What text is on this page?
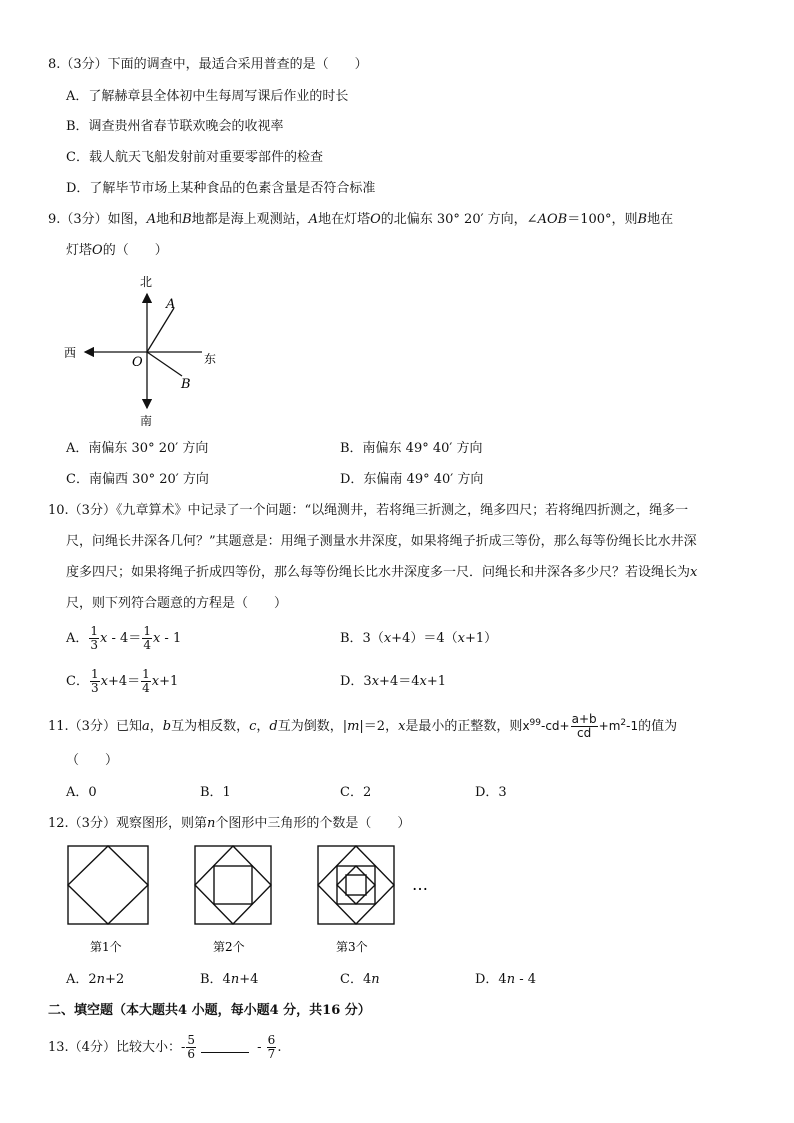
8.（3分）下面的调查中，最适合采用普查的是（　　）
A．了解赫章县全体初中生每周写课后作业的时长
B．调查贵州省春节联欢晚会的收视率
C．载人航天飞船发射前对重要零部件的检查
D．了解毕节市场上某种食品的色素含量是否符合标准
9.（3分）如图，A地和B地都是海上观测站，A地在灯塔O的北偏东 30° 20′ 方向，∠AOB＝100°，则B地在
灯塔O的（　　）
北
南
西	东
O
A
B
A．南偏东 30° 20′ 方向	B．南偏东 49° 40′ 方向
C．南偏西 30° 20′ 方向	D．东偏南 49° 40′ 方向
10.（3分）《九章算术》中记录了一个问题：“以绳测井，若将绳三折测之，绳多四尺；若将绳四折测之，绳多一
尺，问绳长井深各几何？”其题意是：用绳子测量水井深度，如果将绳子折成三等份，那么每等份绳长比水井深
度多四尺；如果将绳子折成四等份，那么每等份绳长比水井深度多一尺．问绳长和井深各多少尺？若设绳长为x
尺，则下列符合题意的方程是（　　）
A． $\frac{1}{3}$ $x - 4= \frac{1}{4}$ x - 1	B．3（x+4）＝4（x+1）
C． $\frac{1}{3} x+4= \frac{1}{4} x+1$	D．3x+4＝4x+1
11.（3分）已知a，b互为相反数，c，d互为倒数，|m|＝2，x是最小的正整数，则$x^{99}-cd+ \frac{a+b}{cd} +m^2-1$的值为
（　　）
A．0	B．1	C．2	D．3
12.（3分）观察图形，则第n个图形中三角形的个数是（　　）
第1个	第2个	第3个
…
A．2n+2	B．4n+4	C．4n	D．4n - 4
二、填空题（本大题共4 小题，每小题4 分，共16 分）
13.（4分）比较大小：- $\frac{5}{6}$	- $\frac{6}{7}$ .
